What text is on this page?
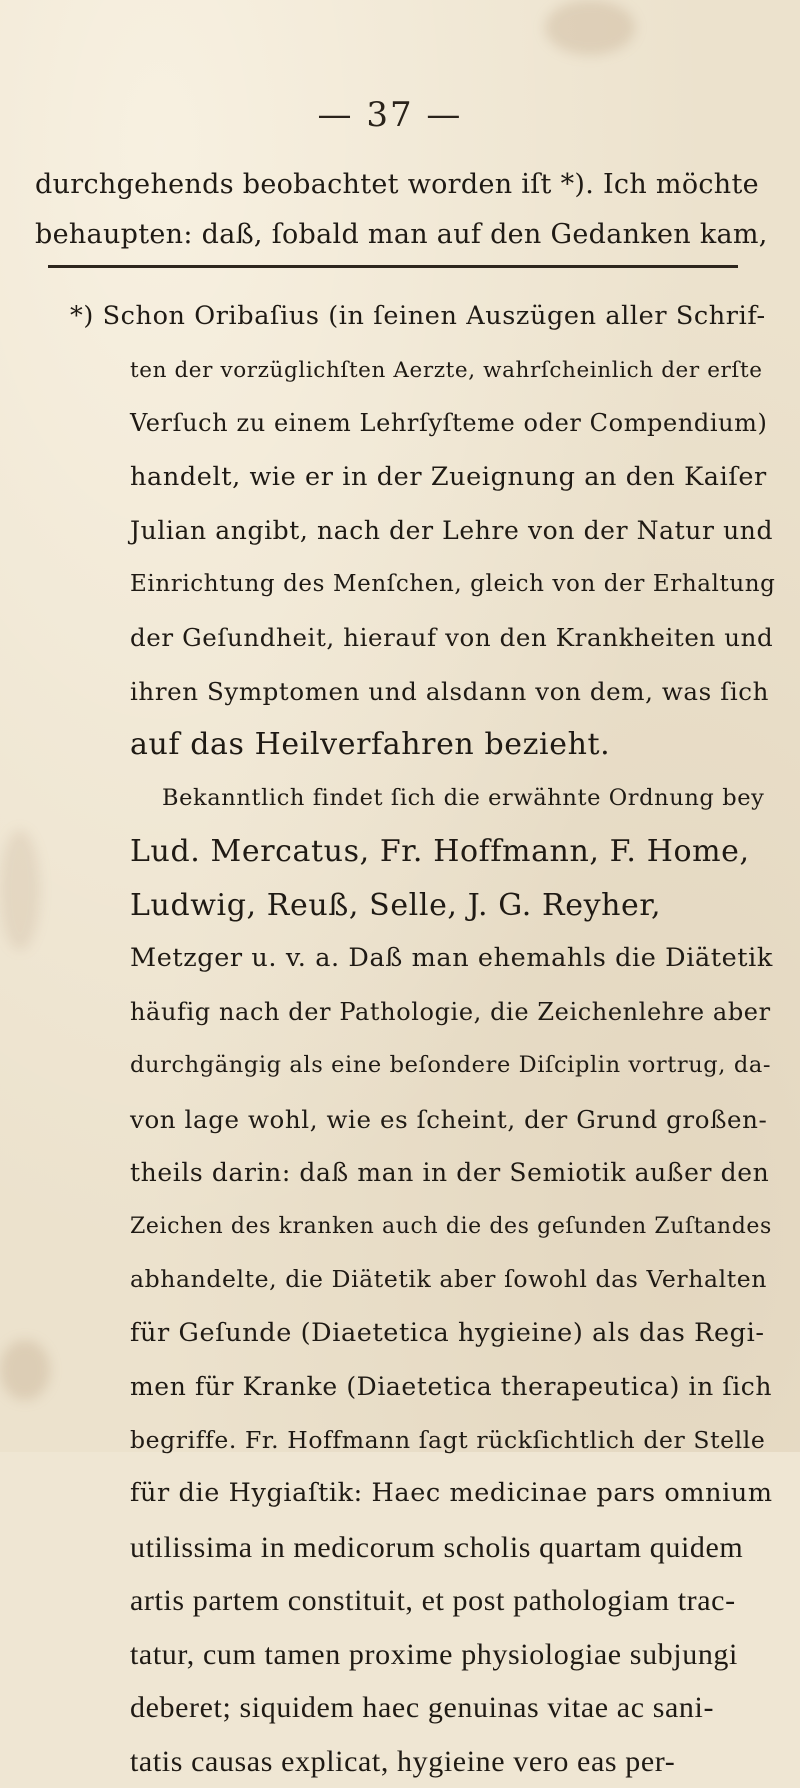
— 37 —
durchgehends beobachtet worden iſt *). Ich möchte
behaupten: daß, ſobald man auf den Gedanken kam,
*) Schon Oribaſius (in ſeinen Auszügen aller Schrif-
ten der vorzüglichſten Aerzte, wahrſcheinlich der erſte
Verſuch zu einem Lehrſyſteme oder Compendium)
handelt, wie er in der Zueignung an den Kaiſer
Julian angibt, nach der Lehre von der Natur und
Einrichtung des Menſchen, gleich von der Erhaltung
der Geſundheit, hierauf von den Krankheiten und
ihren Symptomen und alsdann von dem, was ſich
auf das Heilverfahren bezieht.
Bekanntlich findet ſich die erwähnte Ordnung bey
Lud. Mercatus, Fr. Hoffmann, F. Home,
Ludwig, Reuß, Selle, J. G. Reyher,
Metzger u. v. a. Daß man ehemahls die Diätetik
häufig nach der Pathologie, die Zeichenlehre aber
durchgängig als eine beſondere Diſciplin vortrug, da-
von lage wohl, wie es ſcheint, der Grund großen-
theils darin: daß man in der Semiotik außer den
Zeichen des kranken auch die des geſunden Zuſtandes
abhandelte, die Diätetik aber ſowohl das Verhalten
für Geſunde (Diaetetica hygieine) als das Regi-
men für Kranke (Diaetetica therapeutica) in ſich
begriffe. Fr. Hoffmann ſagt rückſichtlich der Stelle
für die Hygiaſtik: Haec medicinae pars omnium
utilissima in medicorum scholis quartam quidem
artis partem constituit, et post pathologiam trac-
tatur, cum tamen proxime physiologiae subjungi
deberet; siquidem haec genuinas vitae ac sani-
tatis causas explicat, hygieine vero eas per-
